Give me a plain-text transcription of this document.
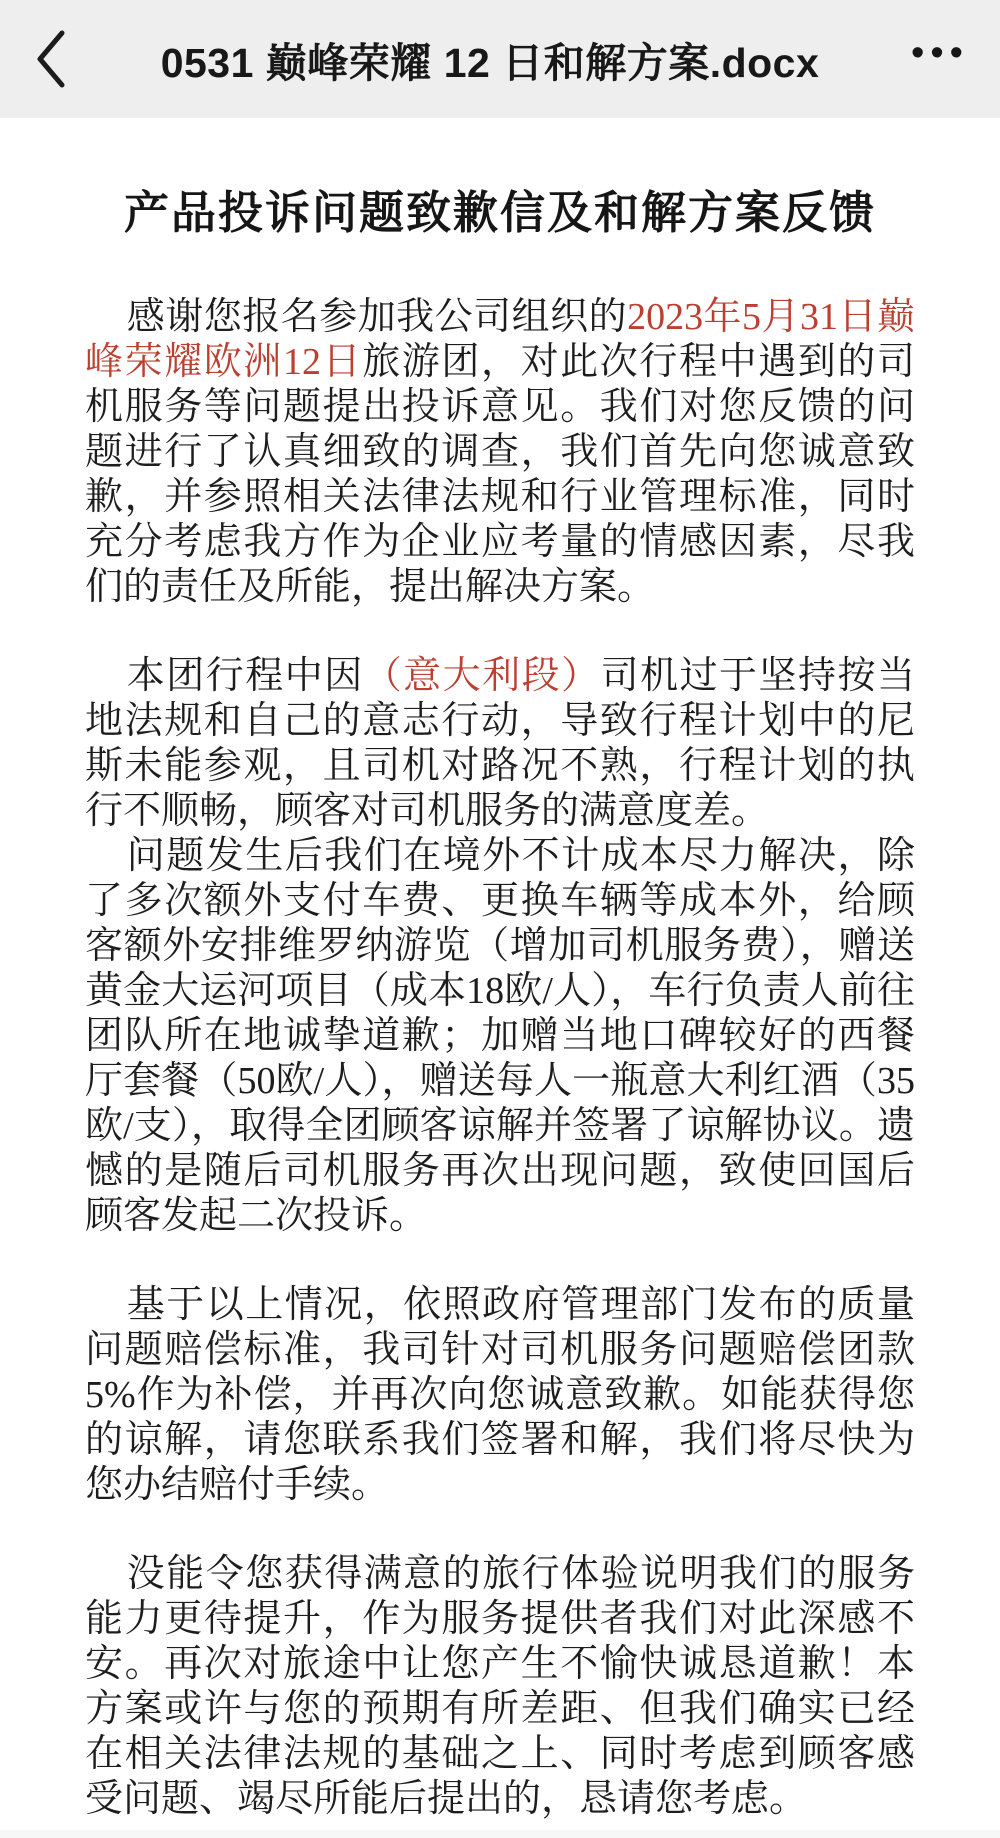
0531 巅峰荣耀 12 日和解方案.docx	•••
产品投诉问题致歉信及和解方案反馈

感谢您报名参加我公司组织的2023年5月31日巅峰荣耀欧洲12日旅游团，对此次行程中遇到的司机服务等问题提出投诉意见。我们对您反馈的问题进行了认真细致的调查，我们首先向您诚意致歉，并参照相关法律法规和行业管理标准，同时充分考虑我方作为企业应考量的情感因素，尽我们的责任及所能，提出解决方案。

本团行程中因（意大利段）司机过于坚持按当地法规和自己的意志行动，导致行程计划中的尼斯未能参观，且司机对路况不熟，行程计划的执行不顺畅，顾客对司机服务的满意度差。

问题发生后我们在境外不计成本尽力解决，除了多次额外支付车费、更换车辆等成本外，给顾客额外安排维罗纳游览（增加司机服务费），赠送黄金大运河项目（成本18欧/人），车行负责人前往团队所在地诚挚道歉；加赠当地口碑较好的西餐厅套餐（50欧/人），赠送每人一瓶意大利红酒（35欧/支），取得全团顾客谅解并签署了谅解协议。遗憾的是随后司机服务再次出现问题，致使回国后顾客发起二次投诉。

基于以上情况，依照政府管理部门发布的质量问题赔偿标准，我司针对司机服务问题赔偿团款5%作为补偿，并再次向您诚意致歉。如能获得您的谅解，请您联系我们签署和解，我们将尽快为您办结赔付手续。

没能令您获得满意的旅行体验说明我们的服务能力更待提升，作为服务提供者我们对此深感不安。再次对旅途中让您产生不愉快诚恳道歉！本方案或许与您的预期有所差距、但我们确实已经在相关法律法规的基础之上、同时考虑到顾客感受问题、竭尽所能后提出的，恳请您考虑。
